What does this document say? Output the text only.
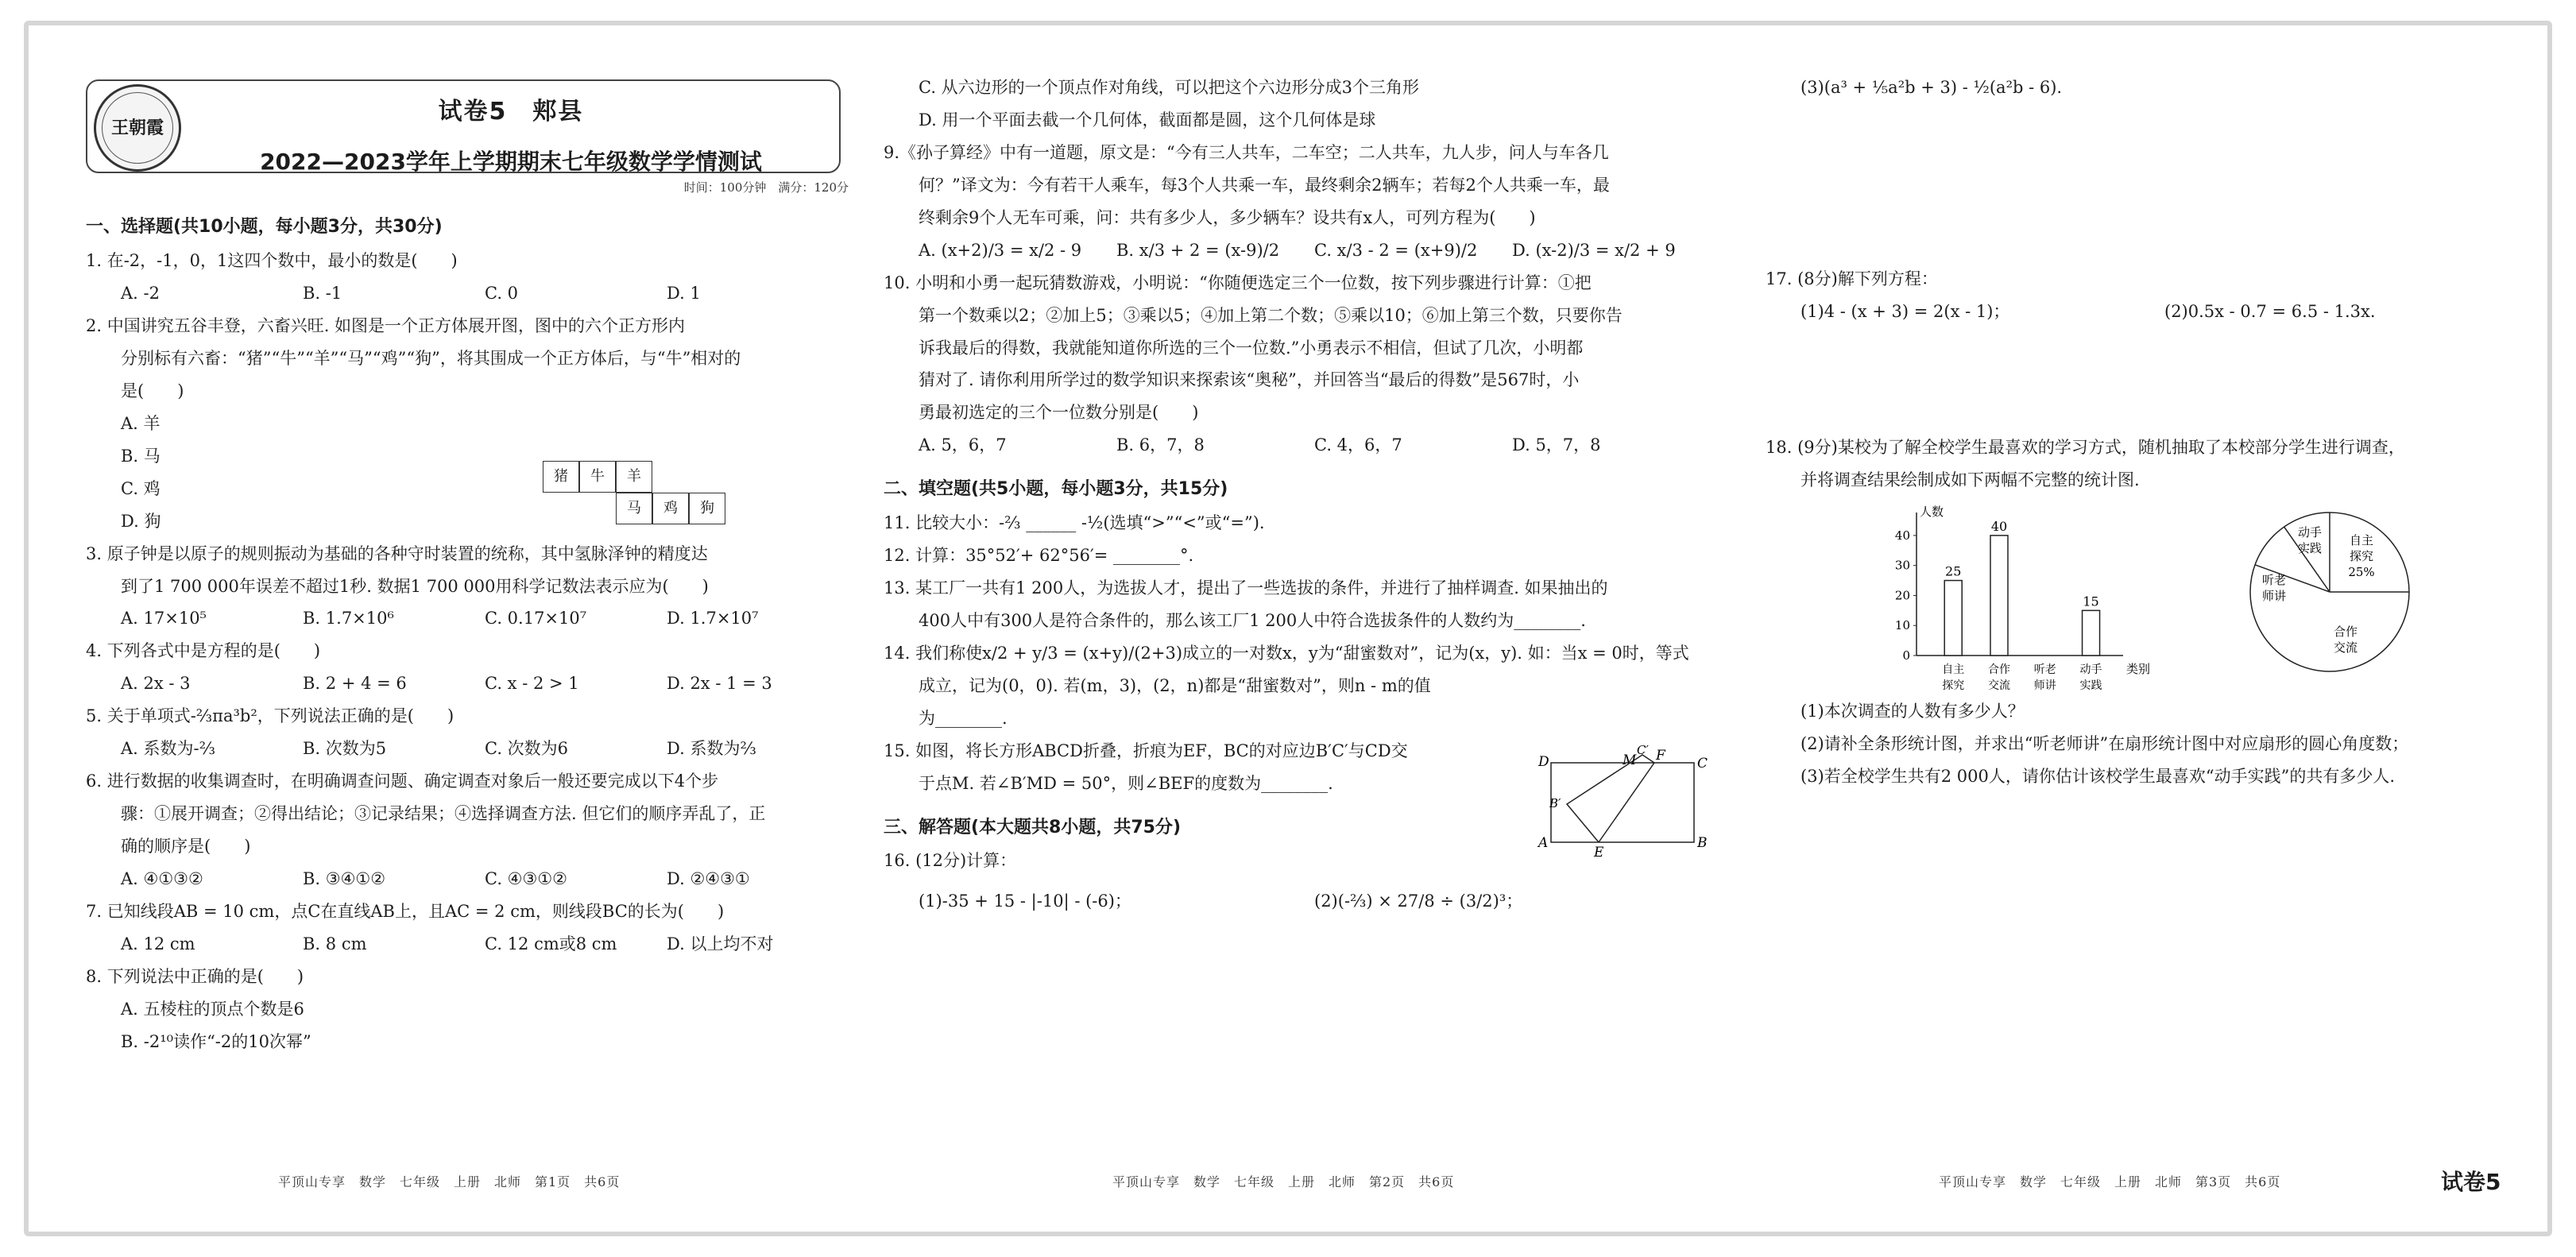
王朝霞
试卷5　郏县
2022—2023学年上学期期末七年级数学学情测试
时间：100分钟　满分：120分
一、选择题(共10小题，每小题3分，共30分)

1. 在-2，-1，0，1这四个数中，最小的数是(　　)

A. -2	B. -1	C. 0	D. 1

2. 中国讲究五谷丰登，六畜兴旺. 如图是一个正方体展开图，图中的六个正方形内

分别标有六畜：“猪”“牛”“羊”“马”“鸡”“狗”，将其围成一个正方体后，与“牛”相对的

是(　　)

A. 羊

B. 马

C. 鸡

D. 狗

3. 原子钟是以原子的规则振动为基础的各种守时装置的统称，其中氢脉泽钟的精度达

到了1 700 000年误差不超过1秒. 数据1 700 000用科学记数法表示应为(　　)

A. 17×10⁵	B. 1.7×10⁶	C. 0.17×10⁷	D. 1.7×10⁷

4. 下列各式中是方程的是(　　)

A. 2x - 3	B. 2 + 4 = 6	C. x - 2 > 1	D. 2x - 1 = 3

5. 关于单项式-⅔πa³b²，下列说法正确的是(　　)

A. 系数为-⅔	B. 次数为5	C. 次数为6	D. 系数为⅔

6. 进行数据的收集调查时，在明确调查问题、确定调查对象后一般还要完成以下4个步

骤：①展开调查；②得出结论；③记录结果；④选择调查方法. 但它们的顺序弄乱了，正

确的顺序是(　　)

A. ④①③②	B. ③④①②	C. ④③①②	D. ②④③①

7. 已知线段AB = 10 cm，点C在直线AB上，且AC = 2 cm，则线段BC的长为(　　)

A. 12 cm	B. 8 cm	C. 12 cm或8 cm	D. 以上均不对

8. 下列说法中正确的是(　　)

A. 五棱柱的顶点个数是6

B. -2¹⁰读作“-2的10次幂”

猪	牛	羊
马	鸡	狗
平顶山专享　数学　七年级　上册　北师　第1页　共6页

C. 从六边形的一个顶点作对角线，可以把这个六边形分成3个三角形

D. 用一个平面去截一个几何体，截面都是圆，这个几何体是球

9.《孙子算经》中有一道题，原文是：“今有三人共车，二车空；二人共车，九人步，问人与车各几

何？”译文为：今有若干人乘车，每3个人共乘一车，最终剩余2辆车；若每2个人共乘一车，最

终剩余9个人无车可乘，问：共有多少人，多少辆车？设共有x人，可列方程为(　　)

A. (x+2)/3 = x/2 - 9	B. x/3 + 2 = (x-9)/2	C. x/3 - 2 = (x+9)/2	D. (x-2)/3 = x/2 + 9

10. 小明和小勇一起玩猜数游戏，小明说：“你随便选定三个一位数，按下列步骤进行计算：①把

第一个数乘以2；②加上5；③乘以5；④加上第二个数；⑤乘以10；⑥加上第三个数，只要你告

诉我最后的得数，我就能知道你所选的三个一位数.”小勇表示不相信，但试了几次，小明都

猜对了. 请你利用所学过的数学知识来探索该“奥秘”，并回答当“最后的得数”是567时，小

勇最初选定的三个一位数分别是(　　)

A. 5，6，7	B. 6，7，8	C. 4，6，7	D. 5，7，8
二、填空题(共5小题，每小题3分，共15分)

11. 比较大小：-⅔ ______ -½(选填“>”“<”或“=”).

12. 计算：35°52′+ 62°56′= ________°.

13. 某工厂一共有1 200人，为选拔人才，提出了一些选拔的条件，并进行了抽样调查. 如果抽出的

400人中有300人是符合条件的，那么该工厂1 200人中符合选拔条件的人数约为________.

14. 我们称使x/2 + y/3 = (x+y)/(2+3)成立的一对数x，y为“甜蜜数对”，记为(x，y). 如：当x = 0时，等式

成立，记为(0，0). 若(m，3)，(2，n)都是“甜蜜数对”，则n - m的值

为________.

15. 如图，将长方形ABCD折叠，折痕为EF，BC的对应边B′C′与CD交

于点M. 若∠B′MD = 50°，则∠BEF的度数为________.

三、解答题(本大题共8小题，共75分)

16. (12分)计算：

(1)-35 + 15 - |-10| - (-6)；	(2)(-⅔) × 27/8 ÷ (3/2)³；
D	M
C′ F C
B′
A
E
B
平顶山专享　数学　七年级　上册　北师　第2页　共6页

(3)(a³ + ⅕a²b + 3) - ½(a²b - 6).

17. (8分)解下列方程：

(1)4 - (x + 3) = 2(x - 1)；	(2)0.5x - 0.7 = 6.5 - 1.3x.

18. (9分)某校为了解全校学生最喜欢的学习方式，随机抽取了本校部分学生进行调查，

并将调查结果绘制成如下两幅不完整的统计图.

人数
类别
0
10
20
30
40
25
自主
探究
40
合作
交流
听老
师讲
15
动手
实践
自主
探究
25%
合作
交流
听老
师讲
动手
实践

(1)本次调查的人数有多少人？

(2)请补全条形统计图，并求出“听老师讲”在扇形统计图中对应扇形的圆心角度数；

(3)若全校学生共有2 000人，请你估计该校学生最喜欢“动手实践”的共有多少人.

平顶山专享　数学　七年级　上册　北师　第3页　共6页	试卷5
